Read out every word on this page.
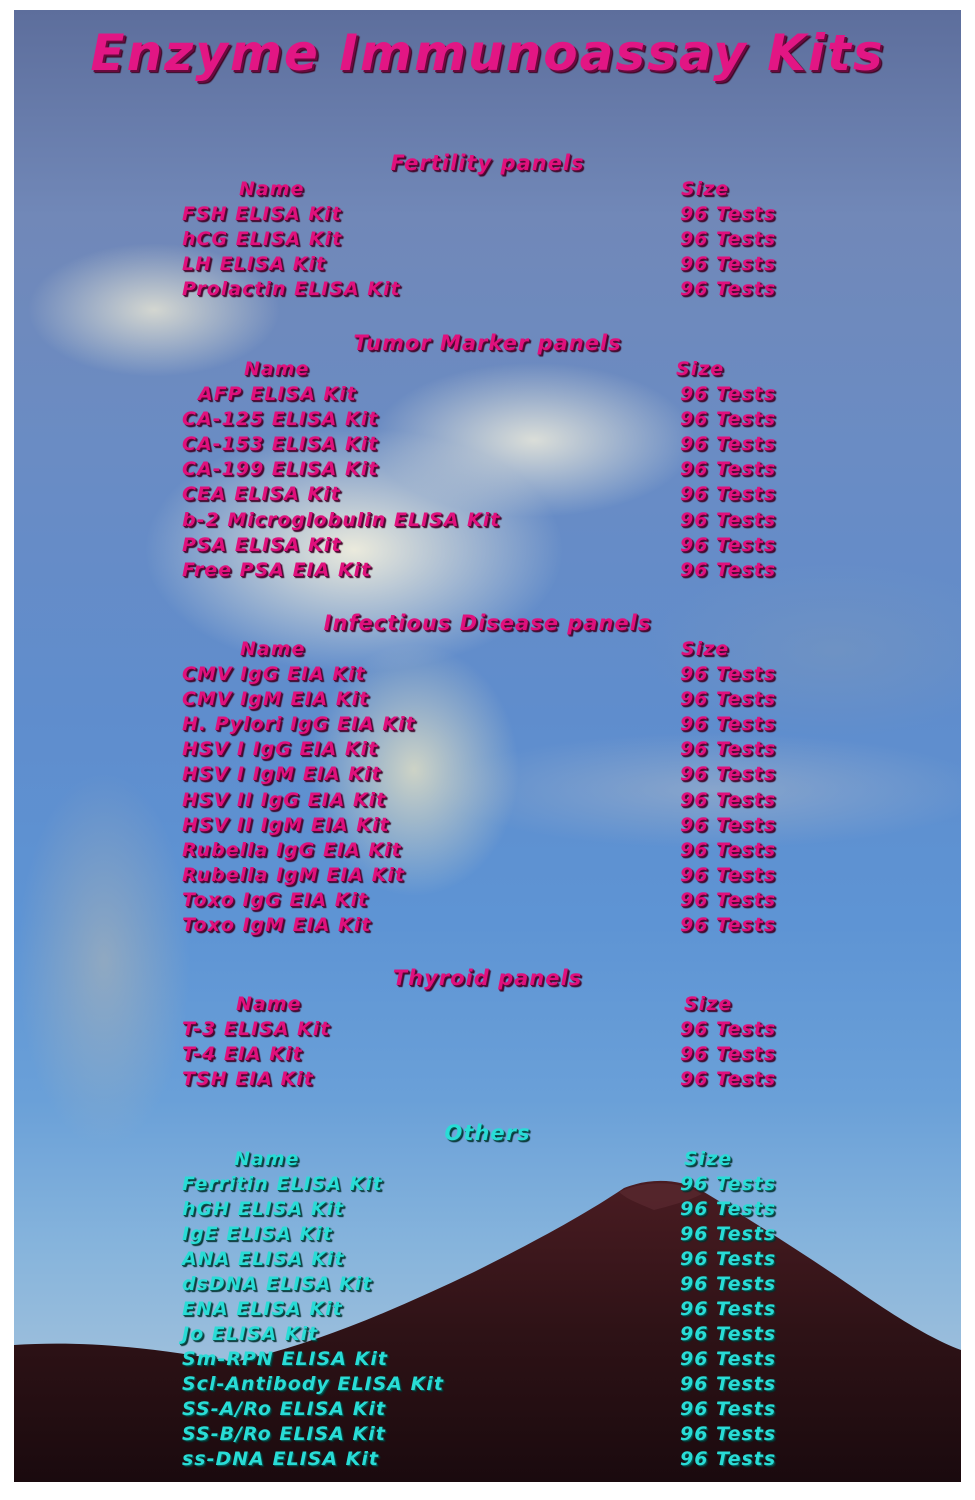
Enzyme Immunoassay Kits
Fertility panels
Name	Size
FSH ELISA Kit	96 Tests
hCG ELISA Kit	96 Tests
LH ELISA Kit	96 Tests
Prolactin ELISA Kit	96 Tests
Tumor Marker panels
Name	Size
AFP ELISA Kit	96 Tests
CA-125 ELISA Kit	96 Tests
CA-153 ELISA Kit	96 Tests
CA-199 ELISA Kit	96 Tests
CEA ELISA Kit	96 Tests
b-2 Microglobulin ELISA Kit	96 Tests
PSA ELISA Kit	96 Tests
Free PSA EIA Kit	96 Tests
Infectious Disease panels
Name	Size
CMV IgG EIA Kit	96 Tests
CMV IgM EIA Kit	96 Tests
H. Pylori IgG EIA Kit	96 Tests
HSV I IgG EIA Kit	96 Tests
HSV I IgM EIA Kit	96 Tests
HSV II IgG EIA Kit	96 Tests
HSV II IgM EIA Kit	96 Tests
Rubella IgG EIA Kit	96 Tests
Rubella IgM EIA Kit	96 Tests
Toxo IgG EIA Kit	96 Tests
Toxo IgM EIA Kit	96 Tests
Thyroid panels
Name	Size
T-3 ELISA Kit	96 Tests
T-4 EIA Kit	96 Tests
TSH EIA Kit	96 Tests
Others
Name	Size
Ferritin ELISA Kit	96 Tests
hGH ELISA Kit	96 Tests
IgE ELISA Kit	96 Tests
ANA ELISA Kit	96 Tests
dsDNA ELISA Kit	96 Tests
ENA ELISA Kit	96 Tests
Jo ELISA Kit	96 Tests
Sm-RPN ELISA Kit	96 Tests
Scl-Antibody ELISA Kit	96 Tests
SS-A/Ro ELISA Kit	96 Tests
SS-B/Ro ELISA Kit	96 Tests
ss-DNA ELISA Kit	96 Tests
